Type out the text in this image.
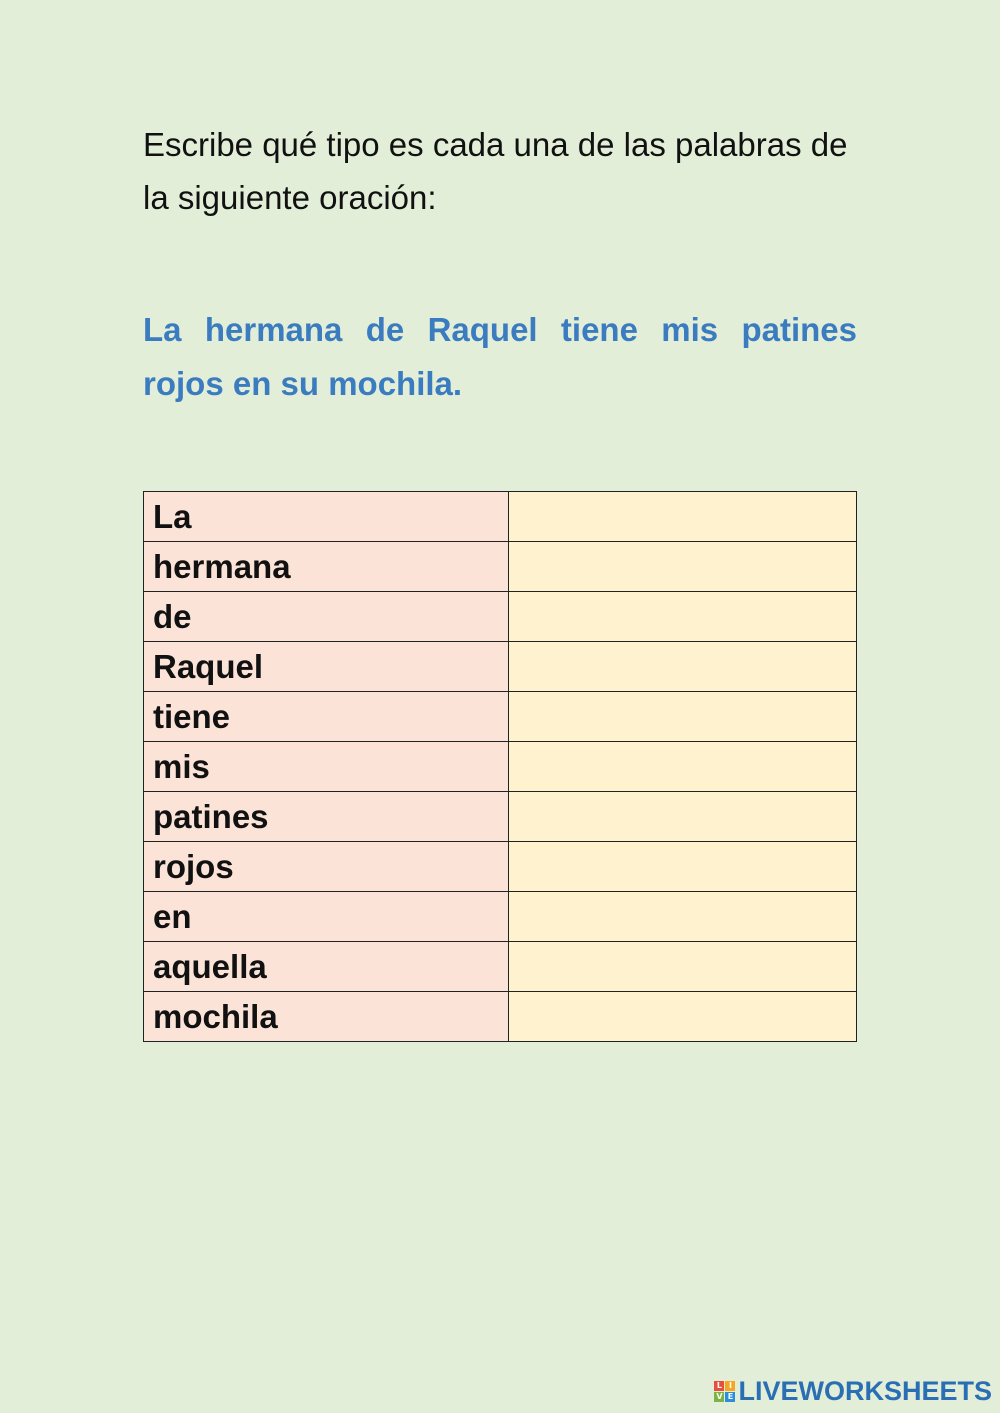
Escribe qué tipo es cada una de las palabras de la siguiente oración:

La hermana de Raquel tiene mis patines rojos en su mochila.

La	
hermana	
de	
Raquel	
tiene	
mis	
patines	
rojos	
en	
aquella	
mochila	
L I
V E LIVEWORKSHEETS
